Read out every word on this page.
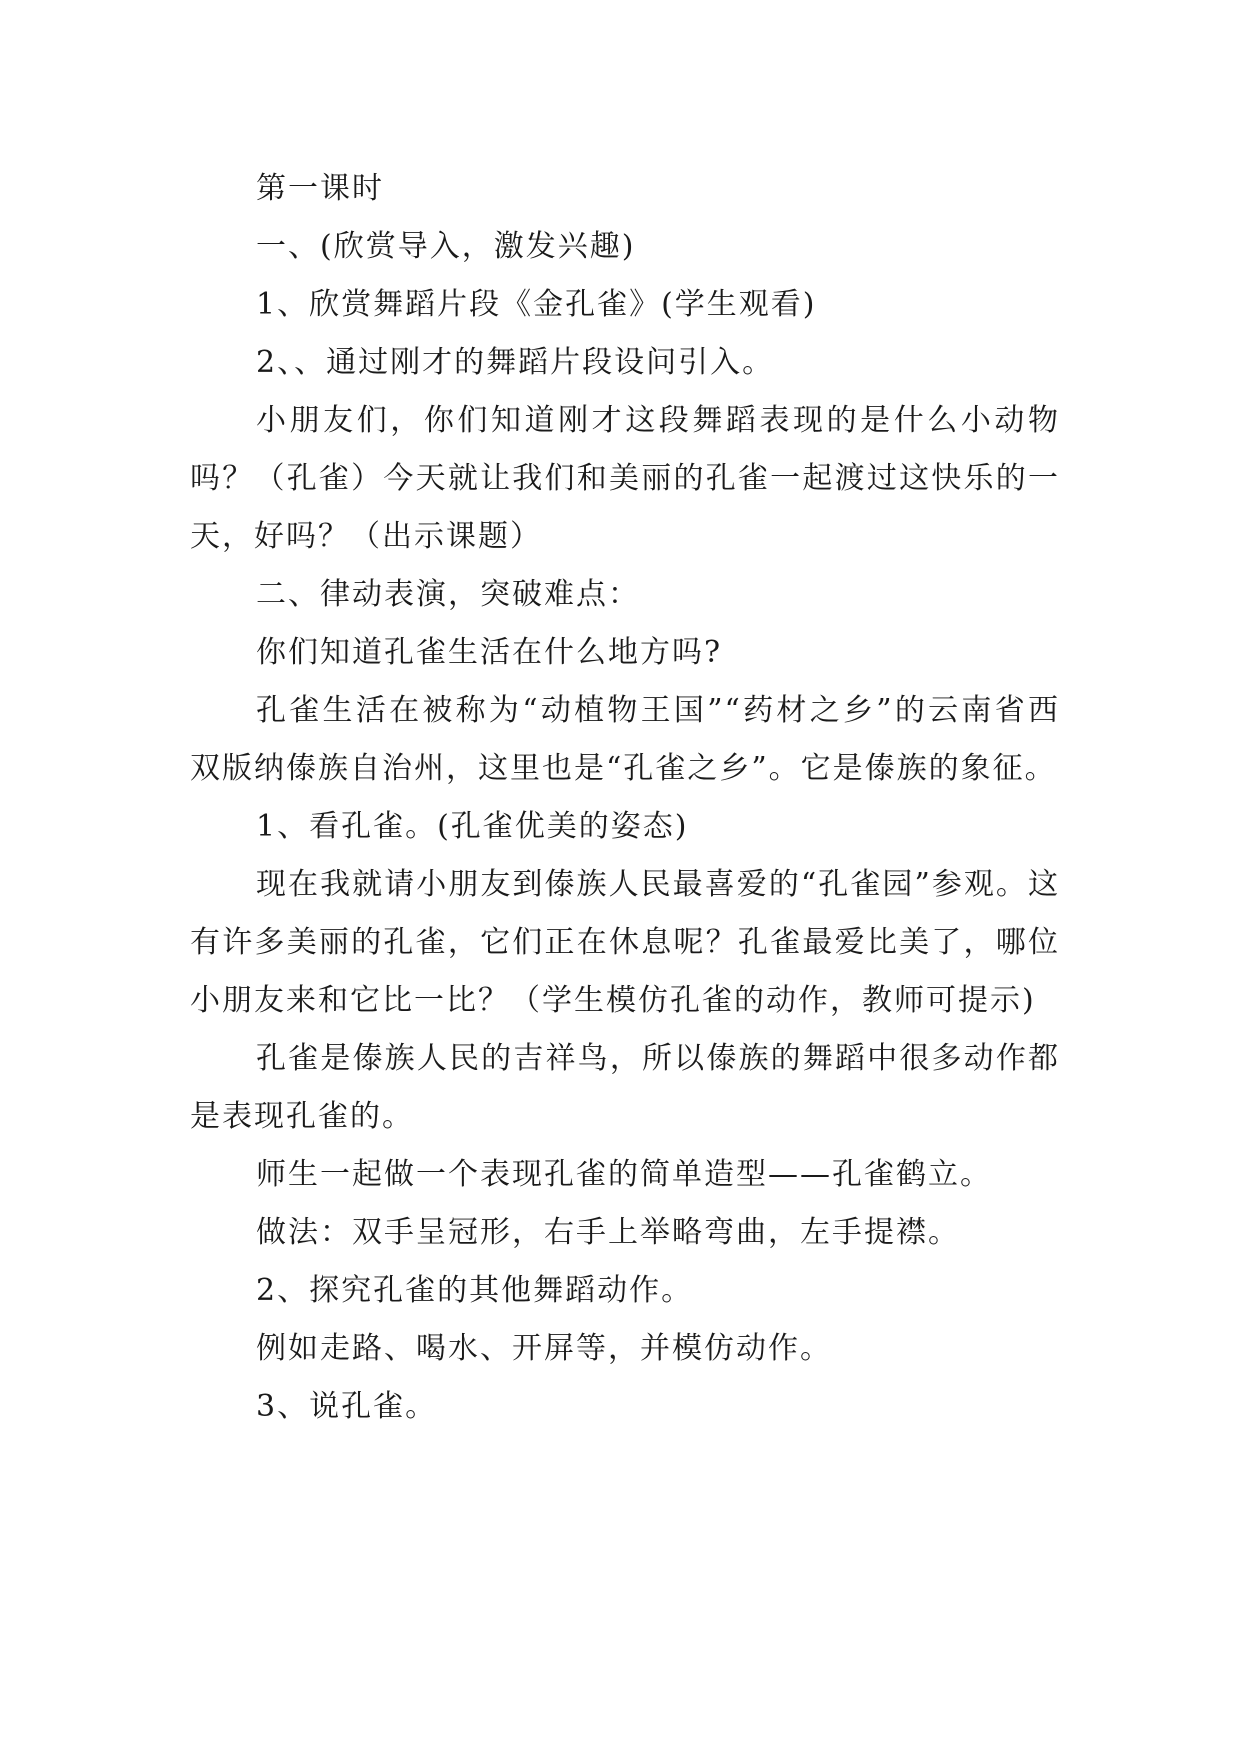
第一课时

一、(欣赏导入，激发兴趣)

1、欣赏舞蹈片段《金孔雀》(学生观看)

2、、通过刚才的舞蹈片段设问引入。

小朋友们，你们知道刚才这段舞蹈表现的是什么小动物吗？（孔雀）今天就让我们和美丽的孔雀一起渡过这快乐的一天，好吗？（出示课题）

二、律动表演，突破难点：

你们知道孔雀生活在什么地方吗?

孔雀生活在被称为“动植物王国”“药材之乡”的云南省西双版纳傣族自治州，这里也是“孔雀之乡”。它是傣族的象征。

1、看孔雀。(孔雀优美的姿态)

现在我就请小朋友到傣族人民最喜爱的“孔雀园”参观。这有许多美丽的孔雀，它们正在休息呢？孔雀最爱比美了，哪位小朋友来和它比一比？（学生模仿孔雀的动作，教师可提示)

孔雀是傣族人民的吉祥鸟，所以傣族的舞蹈中很多动作都是表现孔雀的。

师生一起做一个表现孔雀的简单造型——孔雀鹤立。

做法：双手呈冠形，右手上举略弯曲，左手提襟。

2、探究孔雀的其他舞蹈动作。

例如走路、喝水、开屏等，并模仿动作。

3、说孔雀。
